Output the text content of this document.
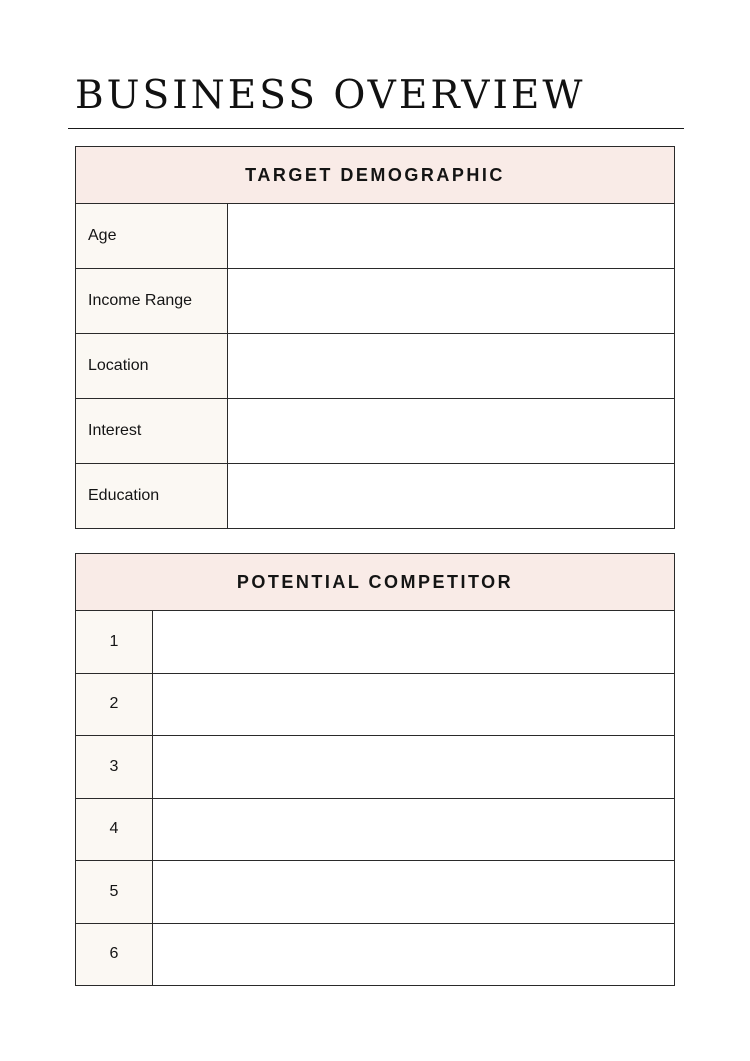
BUSINESS OVERVIEW
TARGET DEMOGRAPHIC	
Age	
Income Range	
Location	
Interest	
Education	
POTENTIAL COMPETITOR	
1	
2	
3	
4	
5	
6	
